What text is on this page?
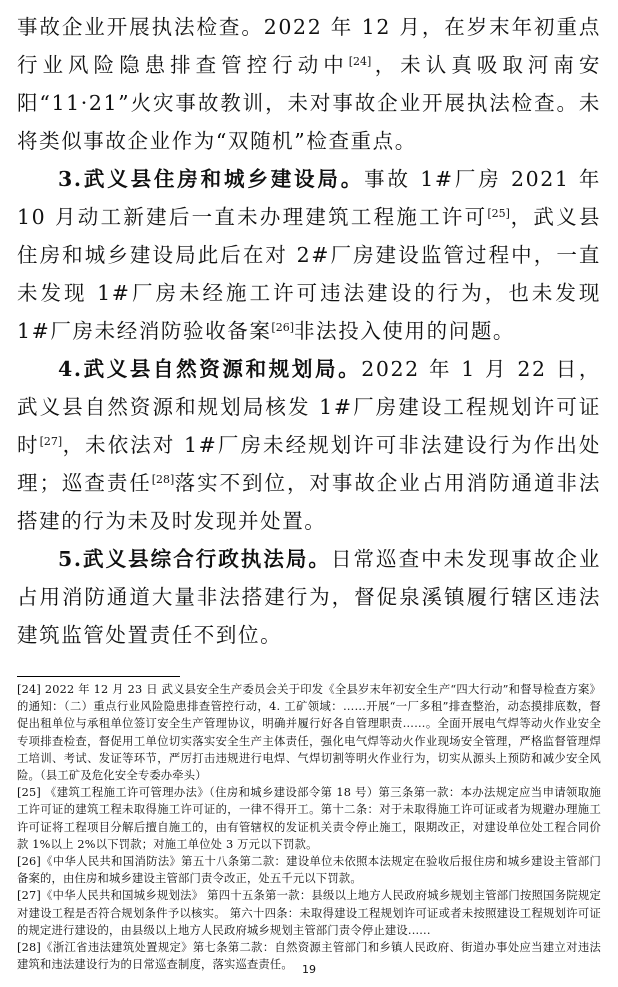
事故企业开展执法检查。2022 年 12 月，在岁末年初重点行业风险隐患排查管控行动中[24]，未认真吸取河南安阳“11·21”火灾事故教训，未对事故企业开展执法检查。未将类似事故企业作为“双随机”检查重点。

3.武义县住房和城乡建设局。事故 1#厂房 2021 年 10 月动工新建后一直未办理建筑工程施工许可[25]，武义县住房和城乡建设局此后在对 2#厂房建设监管过程中，一直未发现 1#厂房未经施工许可违法建设的行为，也未发现 1#厂房未经消防验收备案[26]非法投入使用的问题。

4.武义县自然资源和规划局。2022 年 1 月 22 日，武义县自然资源和规划局核发 1#厂房建设工程规划许可证时[27]，未依法对 1#厂房未经规划许可非法建设行为作出处理；巡查责任[28]落实不到位，对事故企业占用消防通道非法搭建的行为未及时发现并处置。

5.武义县综合行政执法局。日常巡查中未发现事故企业占用消防通道大量非法搭建行为，督促泉溪镇履行辖区违法建筑监管处置责任不到位。

[24] 2022 年 12 月 23 日 武义县安全生产委员会关于印发《全县岁末年初安全生产“四大行动”和督导检查方案》的通知：（二）重点行业风险隐患排查管控行动，4. 工矿领域：……开展“一厂多租”排查整治，动态摸排底数，督促出租单位与承租单位签订安全生产管理协议，明确并履行好各自管理职责……。全面开展电气焊等动火作业安全专项排查检查，督促用工单位切实落实安全生产主体责任，强化电气焊等动火作业现场安全管理，严格监督管理焊工培训、考试、发证等环节，严厉打击违规进行电焊、气焊切割等明火作业行为，切实从源头上预防和减少安全风险。（县工矿及危化安全专委办牵头）

[25] 《建筑工程施工许可管理办法》（住房和城乡建设部令第 18 号）第三条第一款：本办法规定应当申请领取施工许可证的建筑工程未取得施工许可证的，一律不得开工。第十二条：对于未取得施工许可证或者为规避办理施工许可证将工程项目分解后擅自施工的，由有管辖权的发证机关责令停止施工，限期改正，对建设单位处工程合同价款 1%以上 2%以下罚款；对施工单位处 3 万元以下罚款。

[26]《中华人民共和国消防法》第五十八条第二款：建设单位未依照本法规定在验收后报住房和城乡建设主管部门备案的，由住房和城乡建设主管部门责令改正，处五千元以下罚款。

[27]《中华人民共和国城乡规划法》 第四十五条第一款：县级以上地方人民政府城乡规划主管部门按照国务院规定对建设工程是否符合规划条件予以核实。 第六十四条：未取得建设工程规划许可证或者未按照建设工程规划许可证的规定进行建设的，由县级以上地方人民政府城乡规划主管部门责令停止建设......

[28]《浙江省违法建筑处置规定》第七条第二款：自然资源主管部门和乡镇人民政府、街道办事处应当建立对违法建筑和违法建设行为的日常巡查制度，落实巡查责任。 19
